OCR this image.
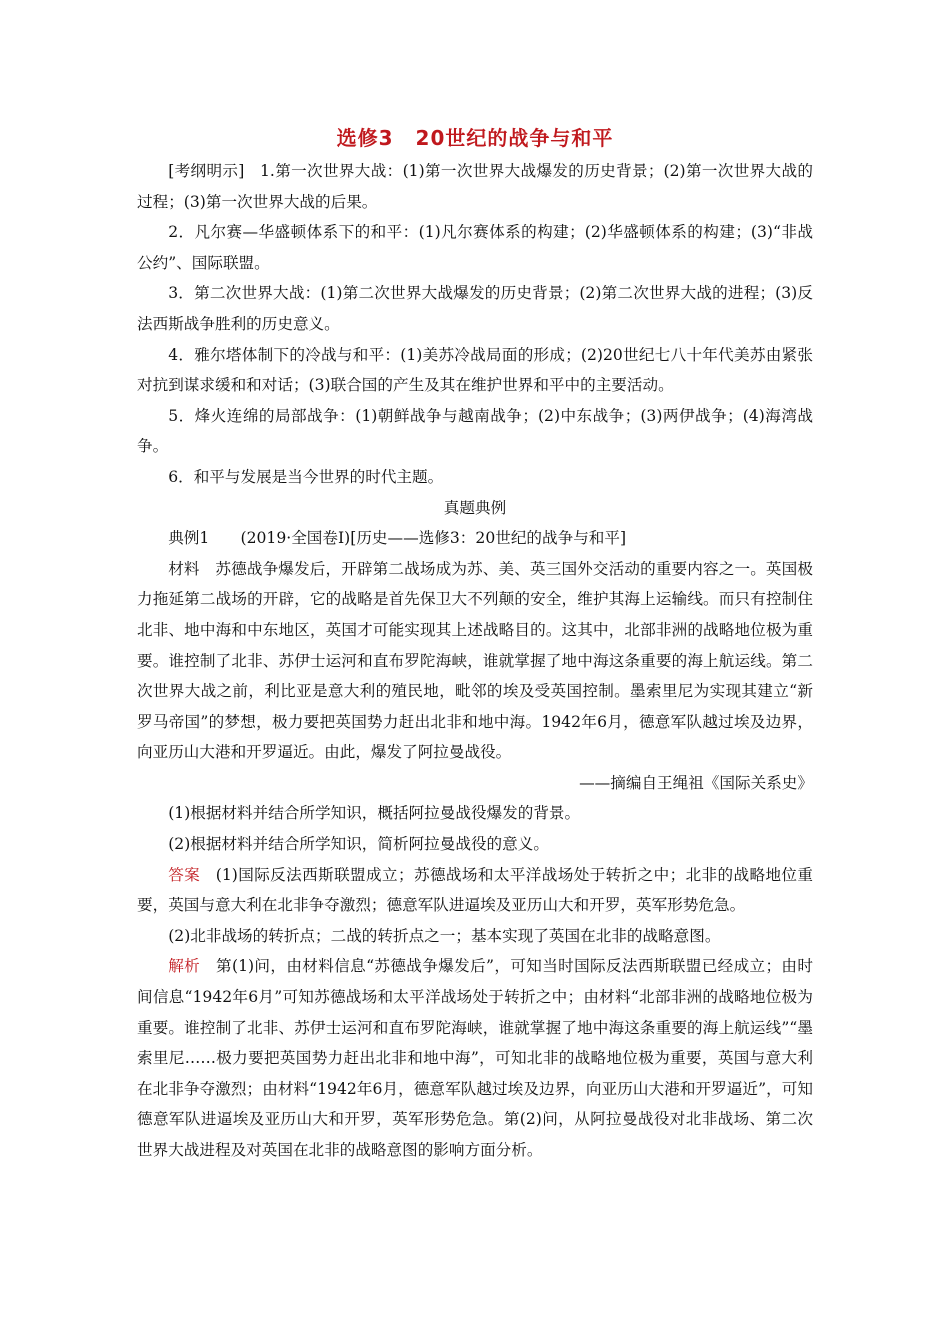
选修3 20世纪的战争与和平

[考纲明示] 1.第一次世界大战：(1)第一次世界大战爆发的历史背景；(2)第一次世界大战的过程；(3)第一次世界大战的后果。

2．凡尔赛—华盛顿体系下的和平：(1)凡尔赛体系的构建；(2)华盛顿体系的构建；(3)“非战公约”、国际联盟。

3．第二次世界大战：(1)第二次世界大战爆发的历史背景；(2)第二次世界大战的进程；(3)反法西斯战争胜利的历史意义。

4．雅尔塔体制下的冷战与和平：(1)美苏冷战局面的形成；(2)20世纪七八十年代美苏由紧张对抗到谋求缓和和对话；(3)联合国的产生及其在维护世界和平中的主要活动。

5．烽火连绵的局部战争：(1)朝鲜战争与越南战争；(2)中东战争；(3)两伊战争；(4)海湾战争。

6．和平与发展是当今世界的时代主题。

真题典例

典例1 (2019·全国卷Ⅰ)[历史——选修3：20世纪的战争与和平]

材料 苏德战争爆发后，开辟第二战场成为苏、美、英三国外交活动的重要内容之一。英国极力拖延第二战场的开辟，它的战略是首先保卫大不列颠的安全，维护其海上运输线。而只有控制住北非、地中海和中东地区，英国才可能实现其上述战略目的。这其中，北部非洲的战略地位极为重要。谁控制了北非、苏伊士运河和直布罗陀海峡，谁就掌握了地中海这条重要的海上航运线。第二次世界大战之前，利比亚是意大利的殖民地，毗邻的埃及受英国控制。墨索里尼为实现其建立“新罗马帝国”的梦想，极力要把英国势力赶出北非和地中海。1942年6月，德意军队越过埃及边界，向亚历山大港和开罗逼近。由此，爆发了阿拉曼战役。

——摘编自王绳祖《国际关系史》

(1)根据材料并结合所学知识，概括阿拉曼战役爆发的背景。

(2)根据材料并结合所学知识，简析阿拉曼战役的意义。

答案 (1)国际反法西斯联盟成立；苏德战场和太平洋战场处于转折之中；北非的战略地位重要，英国与意大利在北非争夺激烈；德意军队进逼埃及亚历山大和开罗，英军形势危急。

(2)北非战场的转折点；二战的转折点之一；基本实现了英国在北非的战略意图。

解析 第(1)问，由材料信息“苏德战争爆发后”，可知当时国际反法西斯联盟已经成立；由时间信息“1942年6月”可知苏德战场和太平洋战场处于转折之中；由材料“北部非洲的战略地位极为重要。谁控制了北非、苏伊士运河和直布罗陀海峡，谁就掌握了地中海这条重要的海上航运线”“墨索里尼……极力要把英国势力赶出北非和地中海”，可知北非的战略地位极为重要，英国与意大利在北非争夺激烈；由材料“1942年6月，德意军队越过埃及边界，向亚历山大港和开罗逼近”，可知德意军队进逼埃及亚历山大和开罗，英军形势危急。第(2)问，从阿拉曼战役对北非战场、第二次世界大战进程及对英国在北非的战略意图的影响方面分析。
